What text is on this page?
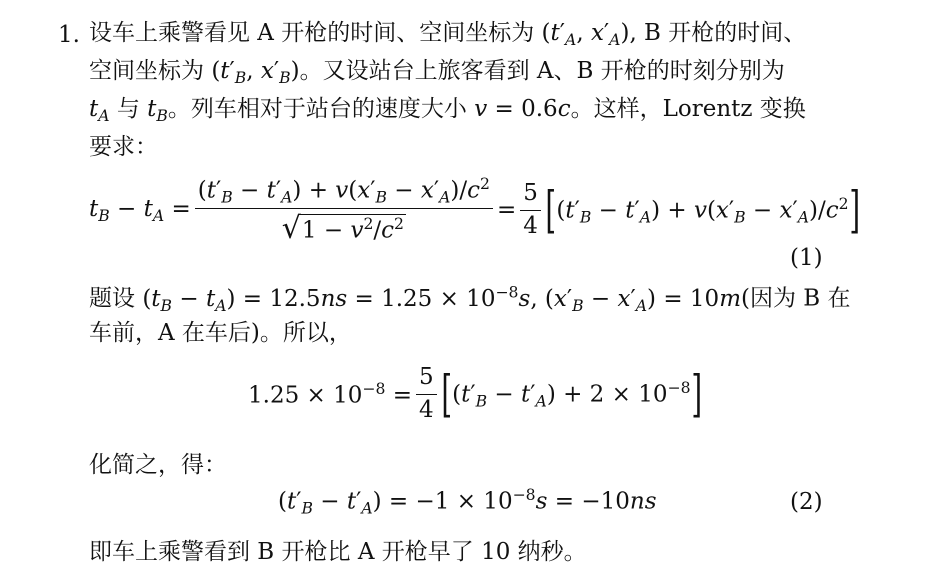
1. 设车上乘警看见 A 开枪的时间、空间坐标为 ($t'_A$, $x'_A$), B 开枪的时间、
空间坐标为 ($t'_B$, $x'_B$)。又设站台上旅客看到 A、B 开枪的时刻分别为
$t_A$ 与 $t_B$。列车相对于站台的速度大小 v = 0.6c。这样，Lorentz 变换
要求：
$t_B - t_A = \frac{(t'_B - t'_A) + v(x'_B - x'_A)/c^2}{√ 1 - v^2/c^2} = \frac{5}{4}$ [ $(t'_B - t'_A) + v(x'_B - x'_A)/c^2$ ]
(1)
题设 $(t_B - t_A) = 12.5ns = 1.25 \times 10^{-8}s$, $(x'_B - x'_A) = 10m$(因为 B 在
车前，A 在车后)。所以，
$1.25 \times 10^{-8} = \frac{5}{4}$ [ $(t'_B - t'_A) + 2 \times 10^{-8}$ ]
化简之，得：
$(t'_B - t'_A) = -1 \times 10^{-8}s = -10ns$	(2)
即车上乘警看到 B 开枪比 A 开枪早了 10 纳秒。
